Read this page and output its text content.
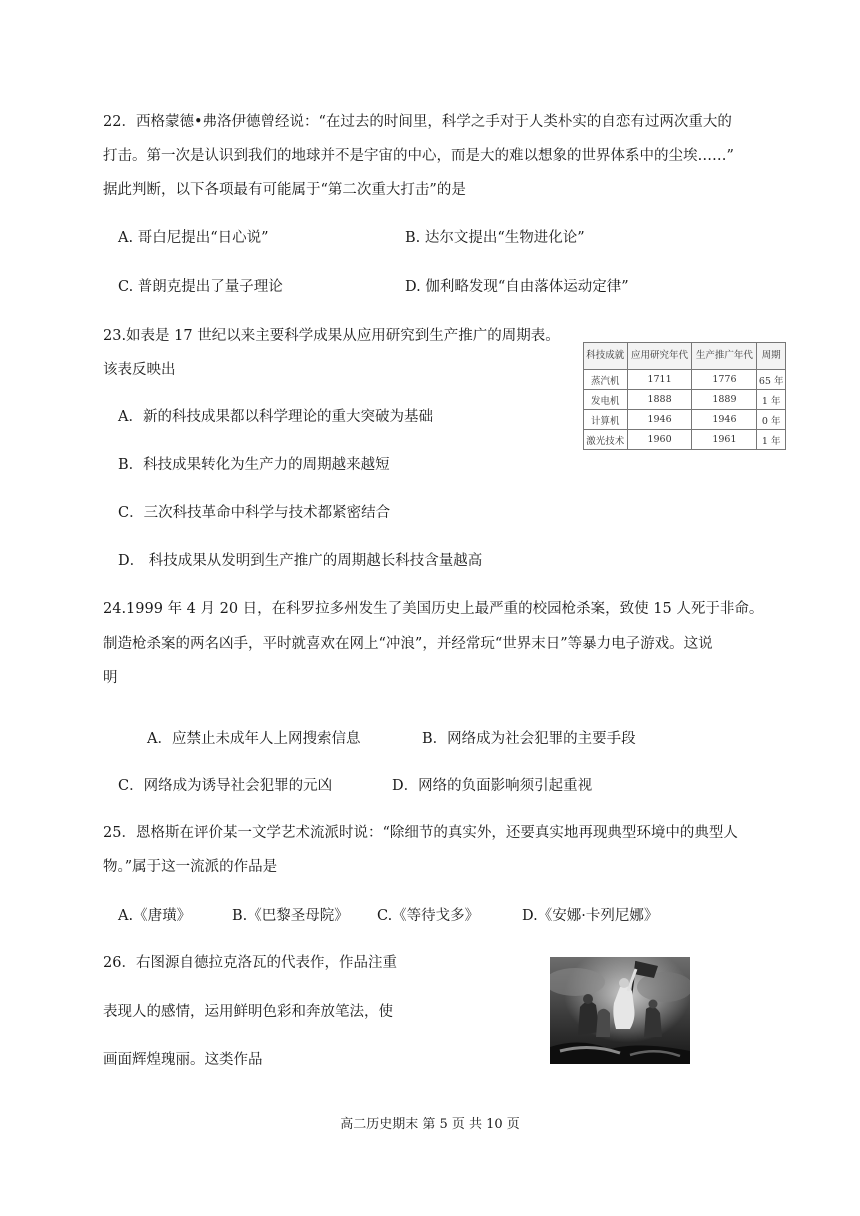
22．西格蒙德•弗洛伊德曾经说：“在过去的时间里，科学之手对于人类朴实的自恋有过两次重大的
打击。第一次是认识到我们的地球并不是宇宙的中心，而是大的难以想象的世界体系中的尘埃……”
据此判断，以下各项最有可能属于“第二次重大打击”的是
A. 哥白尼提出“日心说”	B. 达尔文提出“生物进化论”
C. 普朗克提出了量子理论	D. 伽利略发现“自由落体运动定律”
23.如表是 17 世纪以来主要科学成果从应用研究到生产推广的周期表。
该表反映出
科技成就	应用研究年代	生产推广年代	周期
蒸汽机	1711	1776	65 年
发电机	1888	1889	1 年
计算机	1946	1946	0 年
激光技术	1960	1961	1 年
A．新的科技成果都以科学理论的重大突破为基础
B．科技成果转化为生产力的周期越来越短
C．三次科技革命中科学与技术都紧密结合
D． 科技成果从发明到生产推广的周期越长科技含量越高
24.1999 年 4 月 20 日，在科罗拉多州发生了美国历史上最严重的校园枪杀案，致使 15 人死于非命。
制造枪杀案的两名凶手，平时就喜欢在网上“冲浪”，并经常玩“世界末日”等暴力电子游戏。这说
明
A．应禁止未成年人上网搜索信息	B．网络成为社会犯罪的主要手段
C．网络成为诱导社会犯罪的元凶	D．网络的负面影响须引起重视
25．恩格斯在评价某一文学艺术流派时说：“除细节的真实外，还要真实地再现典型环境中的典型人
物。”属于这一流派的作品是
A.《唐璜》	B.《巴黎圣母院》 C.《等待戈多》	D.《安娜·卡列尼娜》
26．右图源自德拉克洛瓦的代表作，作品注重
表现人的感情，运用鲜明色彩和奔放笔法，使
画面辉煌瑰丽。这类作品
高二历史期末 第 5 页 共 10 页
